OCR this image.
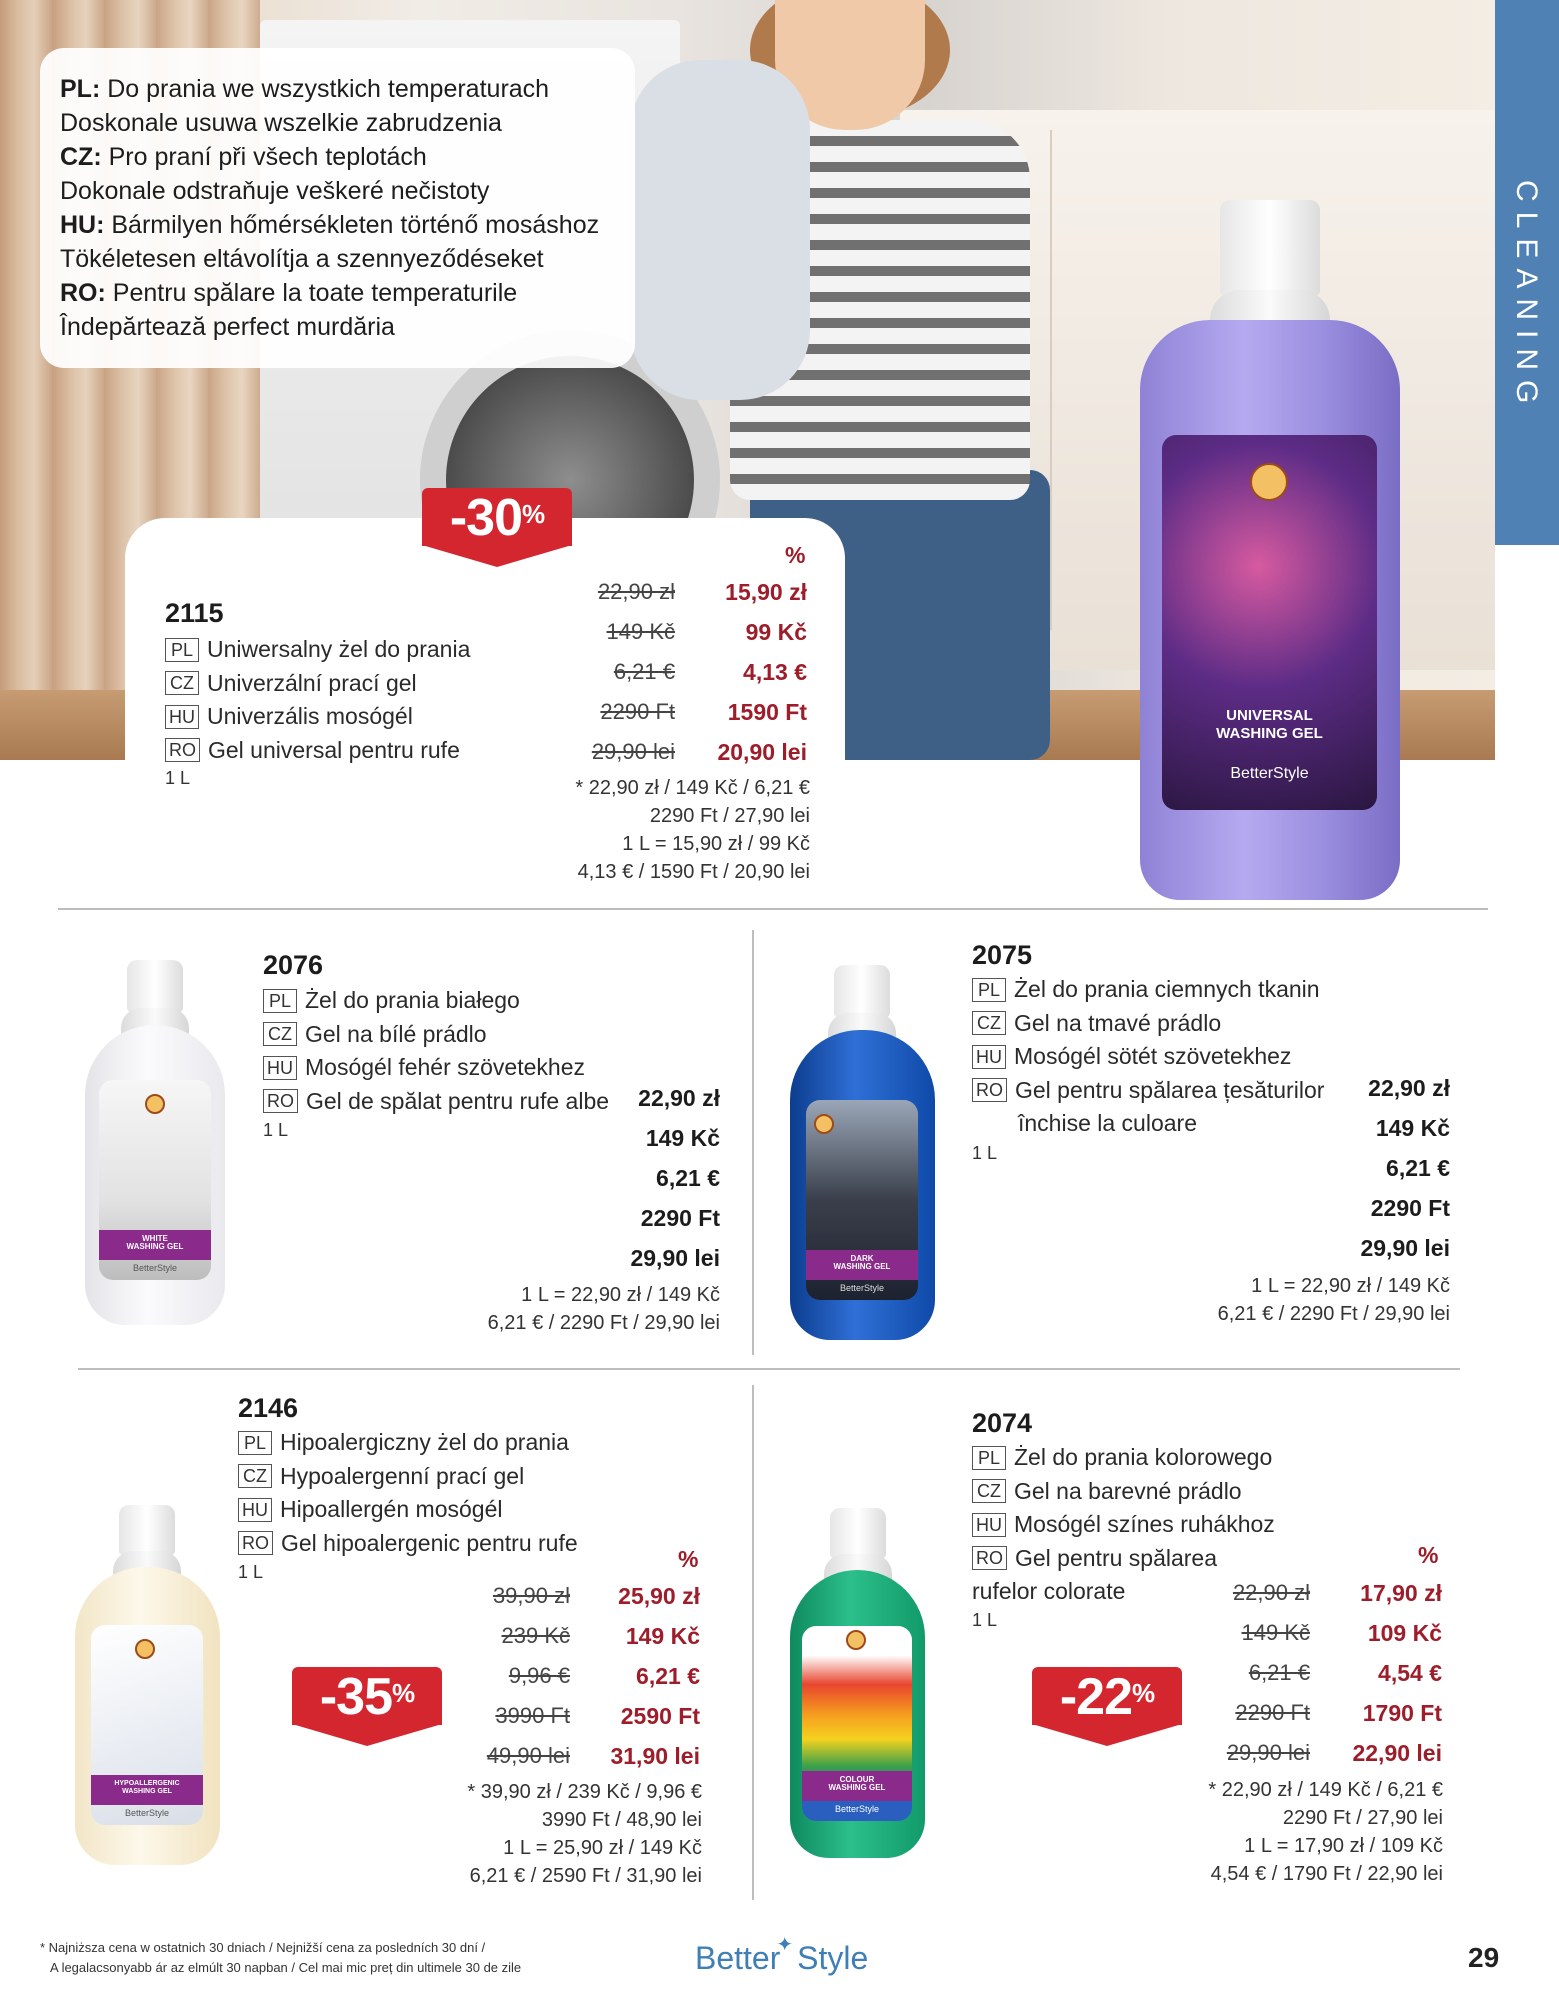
CLEANING
PL: Do prania we wszystkich temperaturach
Doskonale usuwa wszelkie zabrudzenia
CZ: Pro praní při všech teplotách
Dokonale odstraňuje veškeré nečistoty
HU: Bármilyen hőmérsékleten történő mosáshoz
Tökéletesen eltávolítja a szennyeződéseket
RO: Pentru spălare la toate temperaturile
Îndepărtează perfect murdăria
-30%
%
2115
PL Uniwersalny żel do prania
CZ Univerzální prací gel
HU Univerzális mosógél
RO Gel universal pentru rufe
1 L
22,90 zł
149 Kč
6,21 €
2290 Ft
29,90 lei
15,90 zł
99 Kč
4,13 €
1590 Ft
20,90 lei
* 22,90 zł / 149 Kč / 6,21 €
2290 Ft / 27,90 lei
1 L = 15,90 zł / 99 Kč
4,13 € / 1590 Ft / 20,90 lei
UNIVERSAL
WASHING GEL
BetterStyle
WHITE
WASHING GEL
BetterStyle
2076
PL Żel do prania białego
CZ Gel na bílé prádlo
HU Mosógél fehér szövetekhez
RO Gel de spălat pentru rufe albe
1 L
22,90 zł
149 Kč
6,21 €
2290 Ft
29,90 lei
1 L = 22,90 zł / 149 Kč
6,21 € / 2290 Ft / 29,90 lei
DARK
WASHING GEL
BetterStyle
2075
PL Żel do prania ciemnych tkanin
CZ Gel na tmavé prádlo
HU Mosógél sötét szövetekhez
RO Gel pentru spălarea țesăturilor
închise la culoare
1 L
22,90 zł
149 Kč
6,21 €
2290 Ft
29,90 lei
1 L = 22,90 zł / 149 Kč
6,21 € / 2290 Ft / 29,90 lei
HYPOALLERGENIC
WASHING GEL
BetterStyle
2146
PL Hipoalergiczny żel do prania
CZ Hypoalergenní prací gel
HU Hipoallergén mosógél
RO Gel hipoalergenic pentru rufe
1 L
-35%
%
39,90 zł
239 Kč
9,96 €
3990 Ft
49,90 lei
25,90 zł
149 Kč
6,21 €
2590 Ft
31,90 lei
* 39,90 zł / 239 Kč / 9,96 €
3990 Ft / 48,90 lei
1 L = 25,90 zł / 149 Kč
6,21 € / 2590 Ft / 31,90 lei
COLOUR
WASHING GEL
BetterStyle
2074
PL Żel do prania kolorowego
CZ Gel na barevné prádlo
HU Mosógél színes ruhákhoz
RO Gel pentru spălarea
rufelor colorate
1 L
-22%
%
22,90 zł
149 Kč
6,21 €
2290 Ft
29,90 lei
17,90 zł
109 Kč
4,54 €
1790 Ft
22,90 lei
* 22,90 zł / 149 Kč / 6,21 €
2290 Ft / 27,90 lei
1 L = 17,90 zł / 109 Kč
4,54 € / 1790 Ft / 22,90 lei
* Najniższa cena w ostatnich 30 dniach / Nejnižší cena za posledních 30 dní /
A legalacsonyabb ár az elmúlt 30 napban / Cel mai mic preț din ultimele 30 de zile	Better✦ Style	29
